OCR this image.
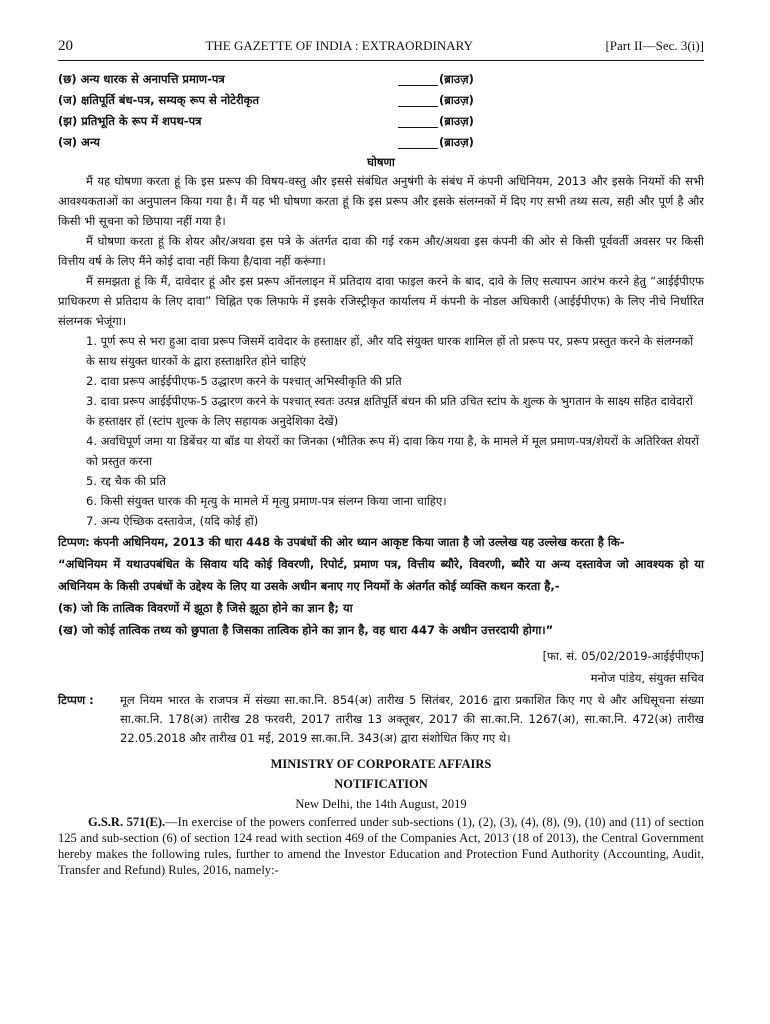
20	THE GAZETTE OF INDIA : EXTRAORDINARY	[Part II—Sec. 3(i)]
(छ) अन्य धारक से अनापत्ति प्रमाण-पत्र	(ब्राउज़)
(ज) क्षतिपूर्ति बंध-पत्र, सम्यक् रूप से नोटेरीकृत	(ब्राउज़)
(झ) प्रतिभूति के रूप में शपथ-पत्र	(ब्राउज़)
(ञ) अन्य	(ब्राउज़)
घोषणा

मैं यह घोषणा करता हूं कि इस प्ररूप की विषय-वस्तु और इससे संबंधित अनुषंगी के संबंध में कंपनी अधिनियम, 2013 और इसके नियमों की सभी आवश्यकताओं का अनुपालन किया गया है। मैं यह भी घोषणा करता हूं कि इस प्ररूप और इसके संलग्नकों में दिए गए सभी तथ्य सत्य, सही और पूर्ण है और किसी भी सूचना को छिपाया नहीं गया है।

मैं घोषणा करता हूं कि शेयर और/अथवा इस पत्रे के अंतर्गत दावा की गई रकम और/अथवा इस कंपनी की ओर से किसी पूर्ववर्ती अवसर पर किसी वित्तीय वर्ष के लिए मैंने कोई दावा नहीं किया है/दावा नहीं करूंगा।

मैं समझता हूं कि मैं, दावेदार हूं और इस प्ररूप ऑनलाइन में प्रतिदाय दावा फाइल करने के बाद, दावे के लिए सत्यापन आरंभ करने हेतु “आईईपीएफ प्राधिकरण से प्रतिदाय के लिए दावा” चिह्नित एक लिफाफे में इसके रजिस्ट्रीकृत कार्यालय में कंपनी के नोडल अधिकारी (आईईपीएफ) के लिए नीचे निर्धारित संलग्नक भेजूंगा।

1. पूर्ण रूप से भरा हुआ दावा प्ररूप जिसमें दावेदार के हस्ताक्षर हों, और यदि संयुक्त धारक शामिल हों तो प्ररूप पर, प्ररूप प्रस्तुत करने के संलग्नकों के साथ संयुक्त धारकों के द्वारा हस्ताक्षरित होने चाहिएं
2. दावा प्ररूप आईईपीएफ-5 उद्धारण करने के पश्चात् अभिस्वीकृति की प्रति
3. दावा प्ररूप आईईपीएफ-5 उद्धारण करने के पश्चात् स्वतः उत्पन्न क्षतिपूर्ति बंधन की प्रति उचित स्टांप के शुल्क के भुगतान के साक्ष्य सहित दावेदारों के हस्ताक्षर हों (स्टांप शुल्क के लिए सहायक अनुदेशिका देखें)
4. अवधिपूर्ण जमा या डिबेंचर या बॉड या शेयरों का जिनका (भौतिक रूप में) दावा किय गया है, के मामले में मूल प्रमाण-पत्र/शेयरों के अतिरिक्त शेयरों को प्रस्तुत करना
5. रद्द चैक की प्रति
6. किसी संयुक्त धारक की मृत्यु के मामले में मृत्यु प्रमाण-पत्र संलग्न किया जाना चाहिए।
7. अन्य ऐच्छिक दस्तावेज, (यदि कोई हों)

टिप्पण: कंपनी अधिनियम, 2013 की धारा 448 के उपबंधों की ओर ध्यान आकृष्ट किया जाता है जो उल्लेख यह उल्लेख करता है कि-

“अधिनियम में यथाउपबंधित के सिवाय यदि कोई विवरणी, रिपोर्ट, प्रमाण पत्र, वित्तीय ब्यौरे, विवरणी, ब्यौरे या अन्य दस्तावेज जो आवश्यक हो या अधिनियम के किसी उपबंधों के उद्देश्य के लिए या उसके अधीन बनाए गए नियमों के अंतर्गत कोई व्यक्ति कथन करता है,-

(क) जो कि तात्विक विवरणों में झूठा है जिसे झूठा होने का ज्ञान है; या

(ख) जो कोई तात्विक तथ्य को छुपाता है जिसका तात्विक होने का ज्ञान है, वह धारा 447 के अधीन उत्तरदायी होगा।”

[फा. सं. 05/02/2019-आईईपीएफ]
मनोज पांडेय, संयुक्त सचिव
टिप्पण :	मूल नियम भारत के राजपत्र में संख्या सा.का.नि. 854(अ) तारीख 5 सितंबर, 2016 द्वारा प्रकाशित किए गए थे और अधिसूचना संख्या सा.का.नि. 178(अ) तारीख 28 फरवरी, 2017 तारीख 13 अक्तूबर, 2017 की सा.का.नि. 1267(अ), सा.का.नि. 472(अ) तारीख 22.05.2018 और तारीख 01 मई, 2019 सा.का.नि. 343(अ) द्वारा संशोधित किए गए थे।
MINISTRY OF CORPORATE AFFAIRS
NOTIFICATION
New Delhi, the 14th August, 2019

G.S.R. 571(E).—In exercise of the powers conferred under sub-sections (1), (2), (3), (4), (8), (9), (10) and (11) of section 125 and sub-section (6) of section 124 read with section 469 of the Companies Act, 2013 (18 of 2013), the Central Government hereby makes the following rules, further to amend the Investor Education and Protection Fund Authority (Accounting, Audit, Transfer and Refund) Rules, 2016, namely:-
